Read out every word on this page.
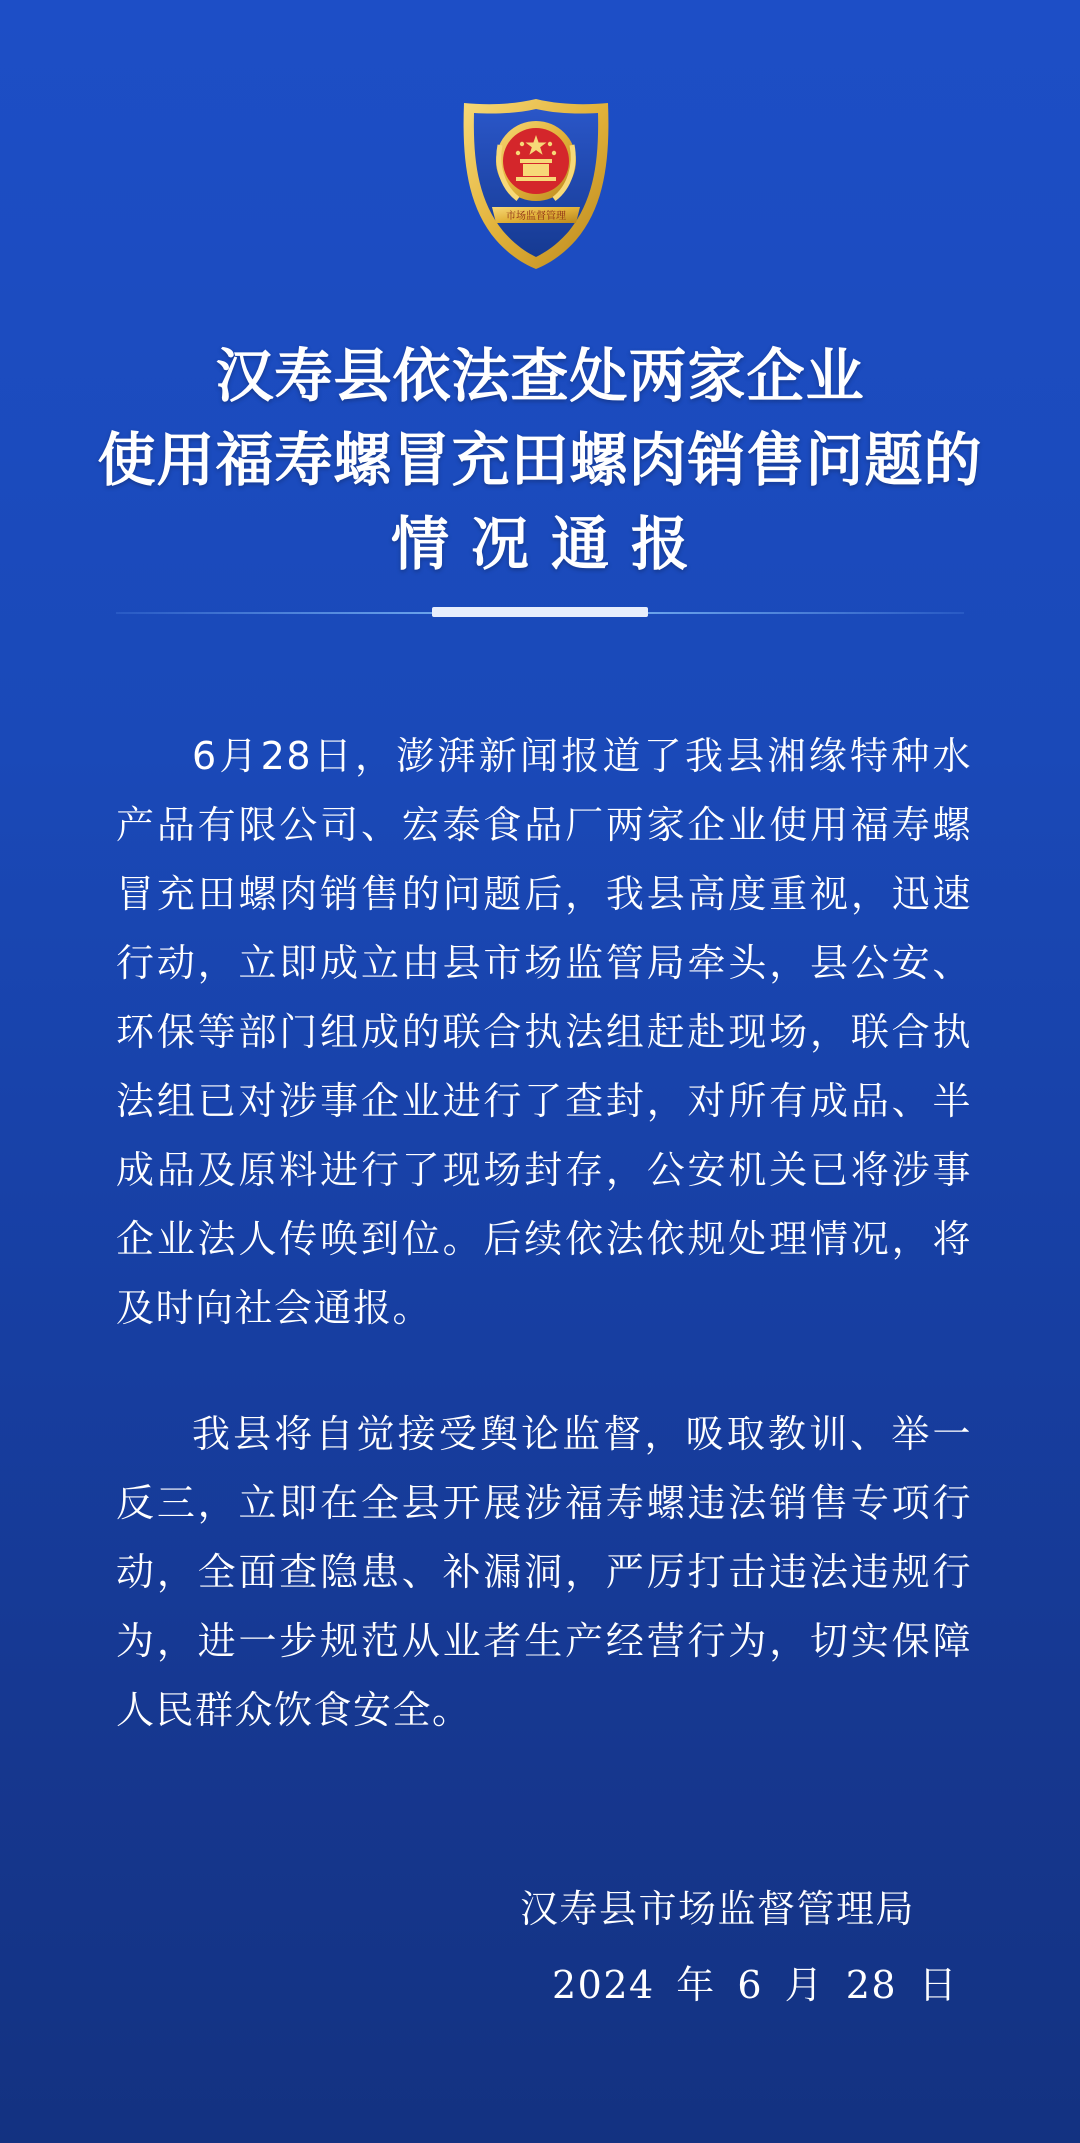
市场监督管理
汉寿县依法查处两家企业
使用福寿螺冒充田螺肉销售问题的
情况通报

6月28日，澎湃新闻报道了我县湘缘特种水产品有限公司、宏泰食品厂两家企业使用福寿螺冒充田螺肉销售的问题后，我县高度重视，迅速行动，立即成立由县市场监管局牵头，县公安、环保等部门组成的联合执法组赶赴现场，联合执法组已对涉事企业进行了查封，对所有成品、半成品及原料进行了现场封存，公安机关已将涉事企业法人传唤到位。后续依法依规处理情况，将及时向社会通报。

我县将自觉接受舆论监督，吸取教训、举一反三，立即在全县开展涉福寿螺违法销售专项行动，全面查隐患、补漏洞，严厉打击违法违规行为，进一步规范从业者生产经营行为，切实保障人民群众饮食安全。

汉寿县市场监督管理局
2024 年 6 月 28 日
